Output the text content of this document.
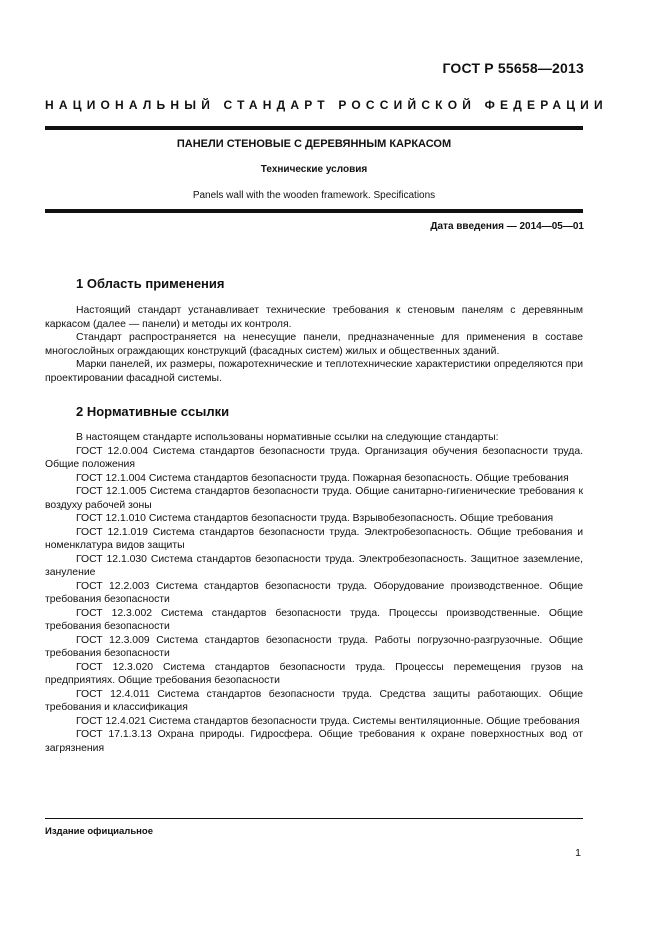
ГОСТ Р 55658—2013
НАЦИОНАЛЬНЫЙ СТАНДАРТ РОССИЙСКОЙ ФЕДЕРАЦИИ
ПАНЕЛИ СТЕНОВЫЕ С ДЕРЕВЯННЫМ КАРКАСОМ
Технические условия
Panels wall with the wooden framework. Specifications
Дата введения — 2014—05—01
1 Область применения

Настоящий стандарт устанавливает технические требования к стеновым панелям с деревянным каркасом (далее — панели) и методы их контроля.

Стандарт распространяется на ненесущие панели, предназначенные для применения в составе многослойных ограждающих конструкций (фасадных систем) жилых и общественных зданий.

Марки панелей, их размеры, пожаротехнические и теплотехнические характеристики определяются при проектировании фасадной системы.

2 Нормативные ссылки

В настоящем стандарте использованы нормативные ссылки на следующие стандарты:

ГОСТ 12.0.004 Система стандартов безопасности труда. Организация обучения безопасности труда. Общие положения

ГОСТ 12.1.004 Система стандартов безопасности труда. Пожарная безопасность. Общие требования

ГОСТ 12.1.005 Система стандартов безопасности труда. Общие санитарно-гигиенические требования к воздуху рабочей зоны

ГОСТ 12.1.010 Система стандартов безопасности труда. Взрывобезопасность. Общие требования

ГОСТ 12.1.019 Система стандартов безопасности труда. Электробезопасность. Общие требования и номенклатура видов защиты

ГОСТ 12.1.030 Система стандартов безопасности труда. Электробезопасность. Защитное заземление, зануление

ГОСТ 12.2.003 Система стандартов безопасности труда. Оборудование производственное. Общие требования безопасности

ГОСТ 12.3.002 Система стандартов безопасности труда. Процессы производственные. Общие требования безопасности

ГОСТ 12.3.009 Система стандартов безопасности труда. Работы погрузочно-разгрузочные. Общие требования безопасности

ГОСТ 12.3.020 Система стандартов безопасности труда. Процессы перемещения грузов на предприятиях. Общие требования безопасности

ГОСТ 12.4.011 Система стандартов безопасности труда. Средства защиты работающих. Общие требования и классификация

ГОСТ 12.4.021 Система стандартов безопасности труда. Системы вентиляционные. Общие требования

ГОСТ 17.1.3.13 Охрана природы. Гидросфера. Общие требования к охране поверхностных вод от загрязнения

Издание официальное
1
